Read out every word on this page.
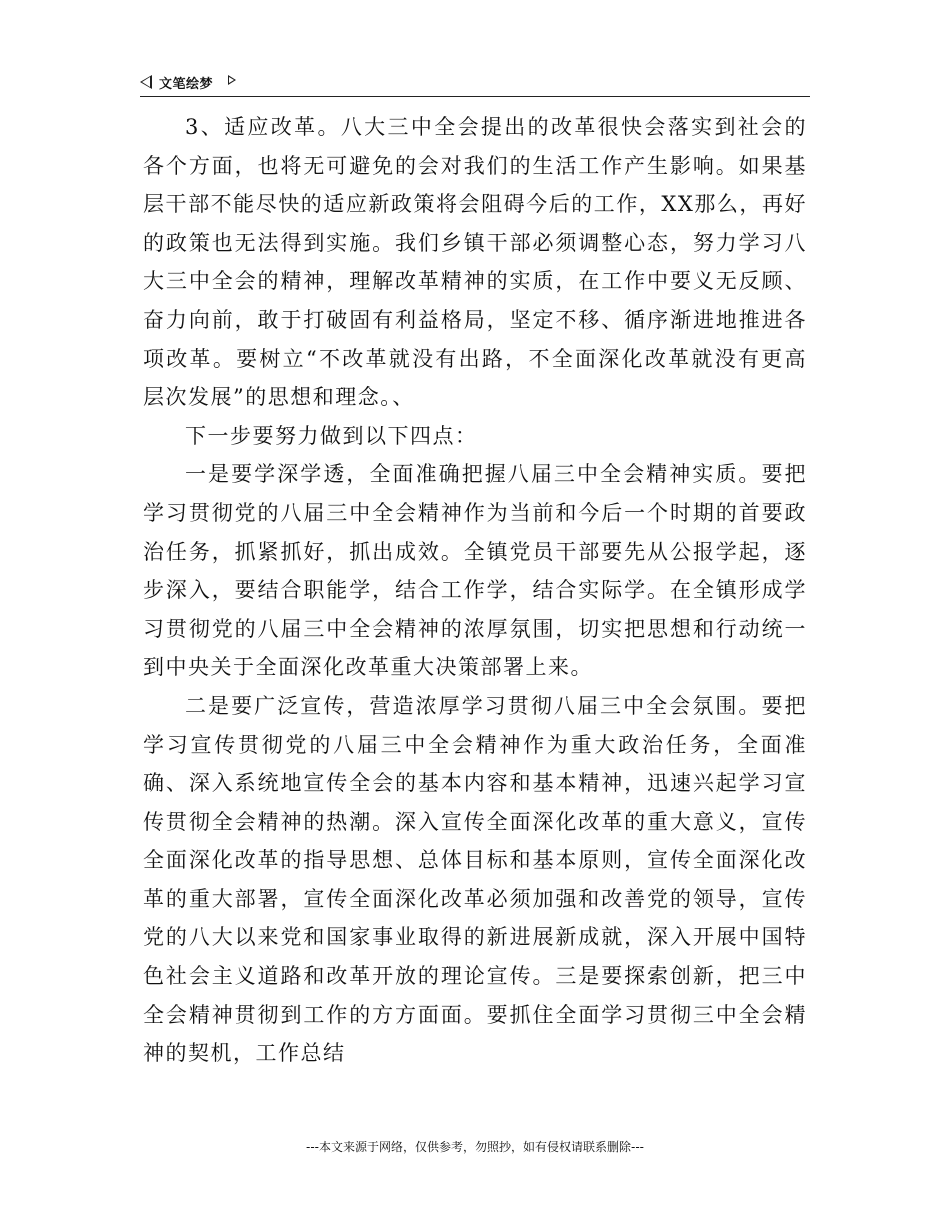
文笔绘梦

3、适应改革。八大三中全会提出的改革很快会落实到社会的各个方面，也将无可避免的会对我们的生活工作产生影响。如果基层干部不能尽快的适应新政策将会阻碍今后的工作，XX那么，再好的政策也无法得到实施。我们乡镇干部必须调整心态，努力学习八大三中全会的精神，理解改革精神的实质，在工作中要义无反顾、奋力向前，敢于打破固有利益格局，坚定不移、循序渐进地推进各项改革。要树立“不改革就没有出路，不全面深化改革就没有更高层次发展”的思想和理念。、

下一步要努力做到以下四点：

一是要学深学透，全面准确把握八届三中全会精神实质。要把学习贯彻党的八届三中全会精神作为当前和今后一个时期的首要政治任务，抓紧抓好，抓出成效。全镇党员干部要先从公报学起，逐步深入，要结合职能学，结合工作学，结合实际学。在全镇形成学习贯彻党的八届三中全会精神的浓厚氛围，切实把思想和行动统一到中央关于全面深化改革重大决策部署上来。

二是要广泛宣传，营造浓厚学习贯彻八届三中全会氛围。要把学习宣传贯彻党的八届三中全会精神作为重大政治任务，全面准确、深入系统地宣传全会的基本内容和基本精神，迅速兴起学习宣传贯彻全会精神的热潮。深入宣传全面深化改革的重大意义，宣传全面深化改革的指导思想、总体目标和基本原则，宣传全面深化改革的重大部署，宣传全面深化改革必须加强和改善党的领导，宣传党的八大以来党和国家事业取得的新进展新成就，深入开展中国特色社会主义道路和改革开放的理论宣传。三是要探索创新，把三中全会精神贯彻到工作的方方面面。要抓住全面学习贯彻三中全会精神的契机，工作总结

---本文来源于网络，仅供参考，勿照抄，如有侵权请联系删除---
